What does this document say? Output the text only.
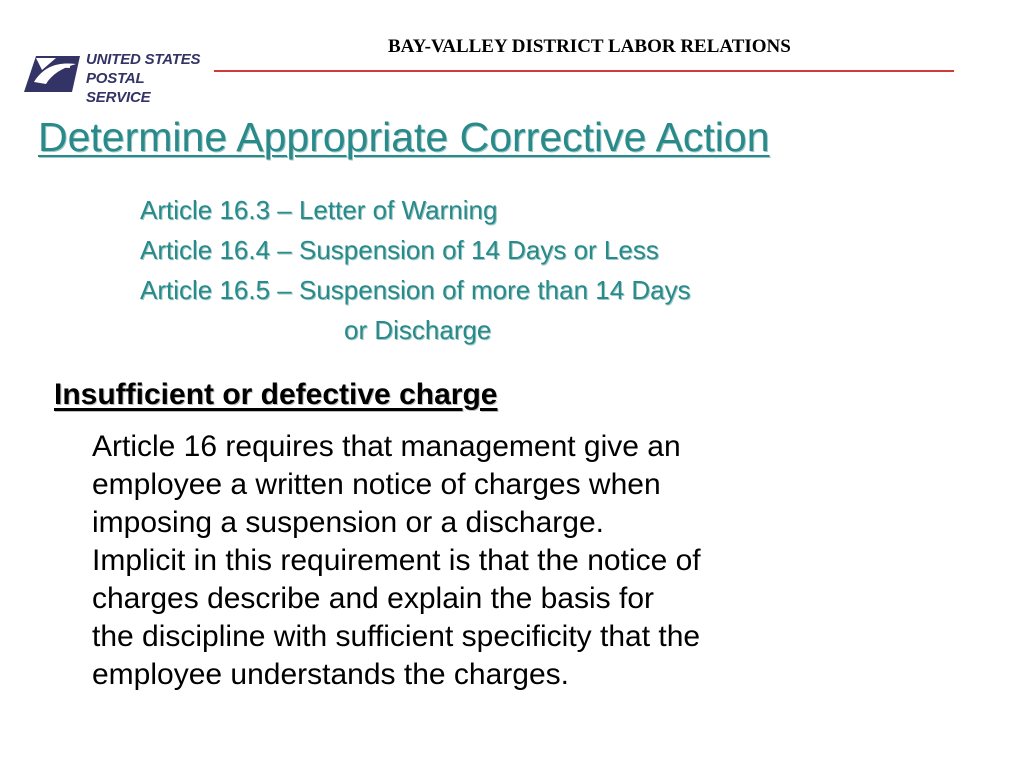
UNITED STATES
POSTAL SERVICE
BAY-VALLEY DISTRICT LABOR RELATIONS
Determine Appropriate Corrective Action
Article 16.3 – Letter of Warning
Article 16.4 – Suspension of 14 Days or Less
Article 16.5 – Suspension of more than 14 Days
or Discharge
Insufficient or defective charge
Article 16 requires that management give an
employee a written notice of charges when
imposing a suspension or a discharge.
Implicit in this requirement is that the notice of
charges describe and explain the basis for
the discipline with sufficient specificity that the
employee understands the charges.
